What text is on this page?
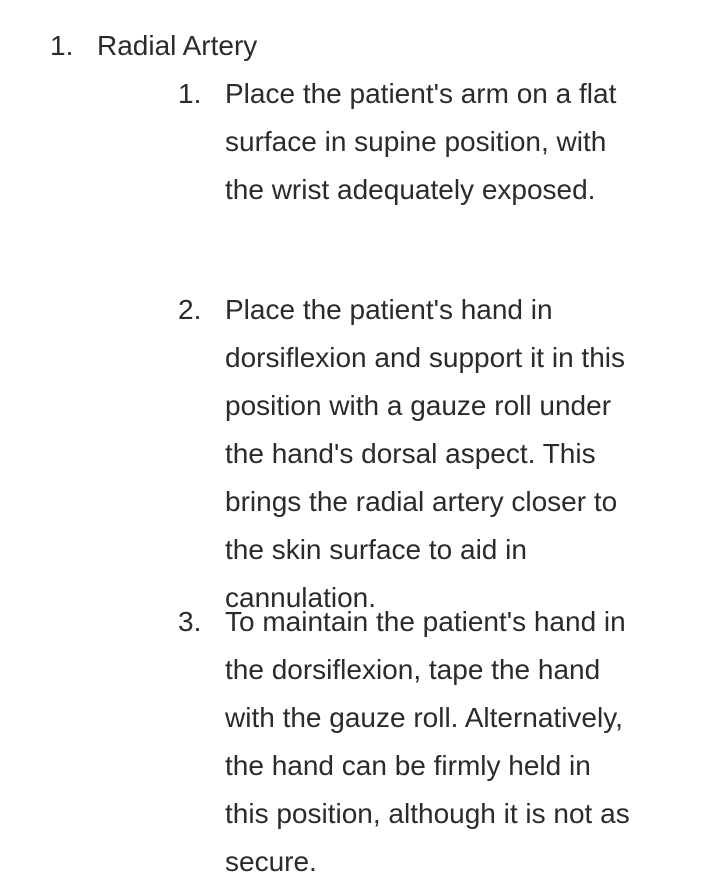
1. Radial Artery
1. Place the patient's arm on a flat
surface in supine position, with
the wrist adequately exposed.
2. Place the patient's hand in
dorsiflexion and support it in this
position with a gauze roll under
the hand's dorsal aspect. This
brings the radial artery closer to
the skin surface to aid in
cannulation.
3. To maintain the patient's hand in
the dorsiflexion, tape the hand
with the gauze roll. Alternatively,
the hand can be firmly held in
this position, although it is not as
secure.
